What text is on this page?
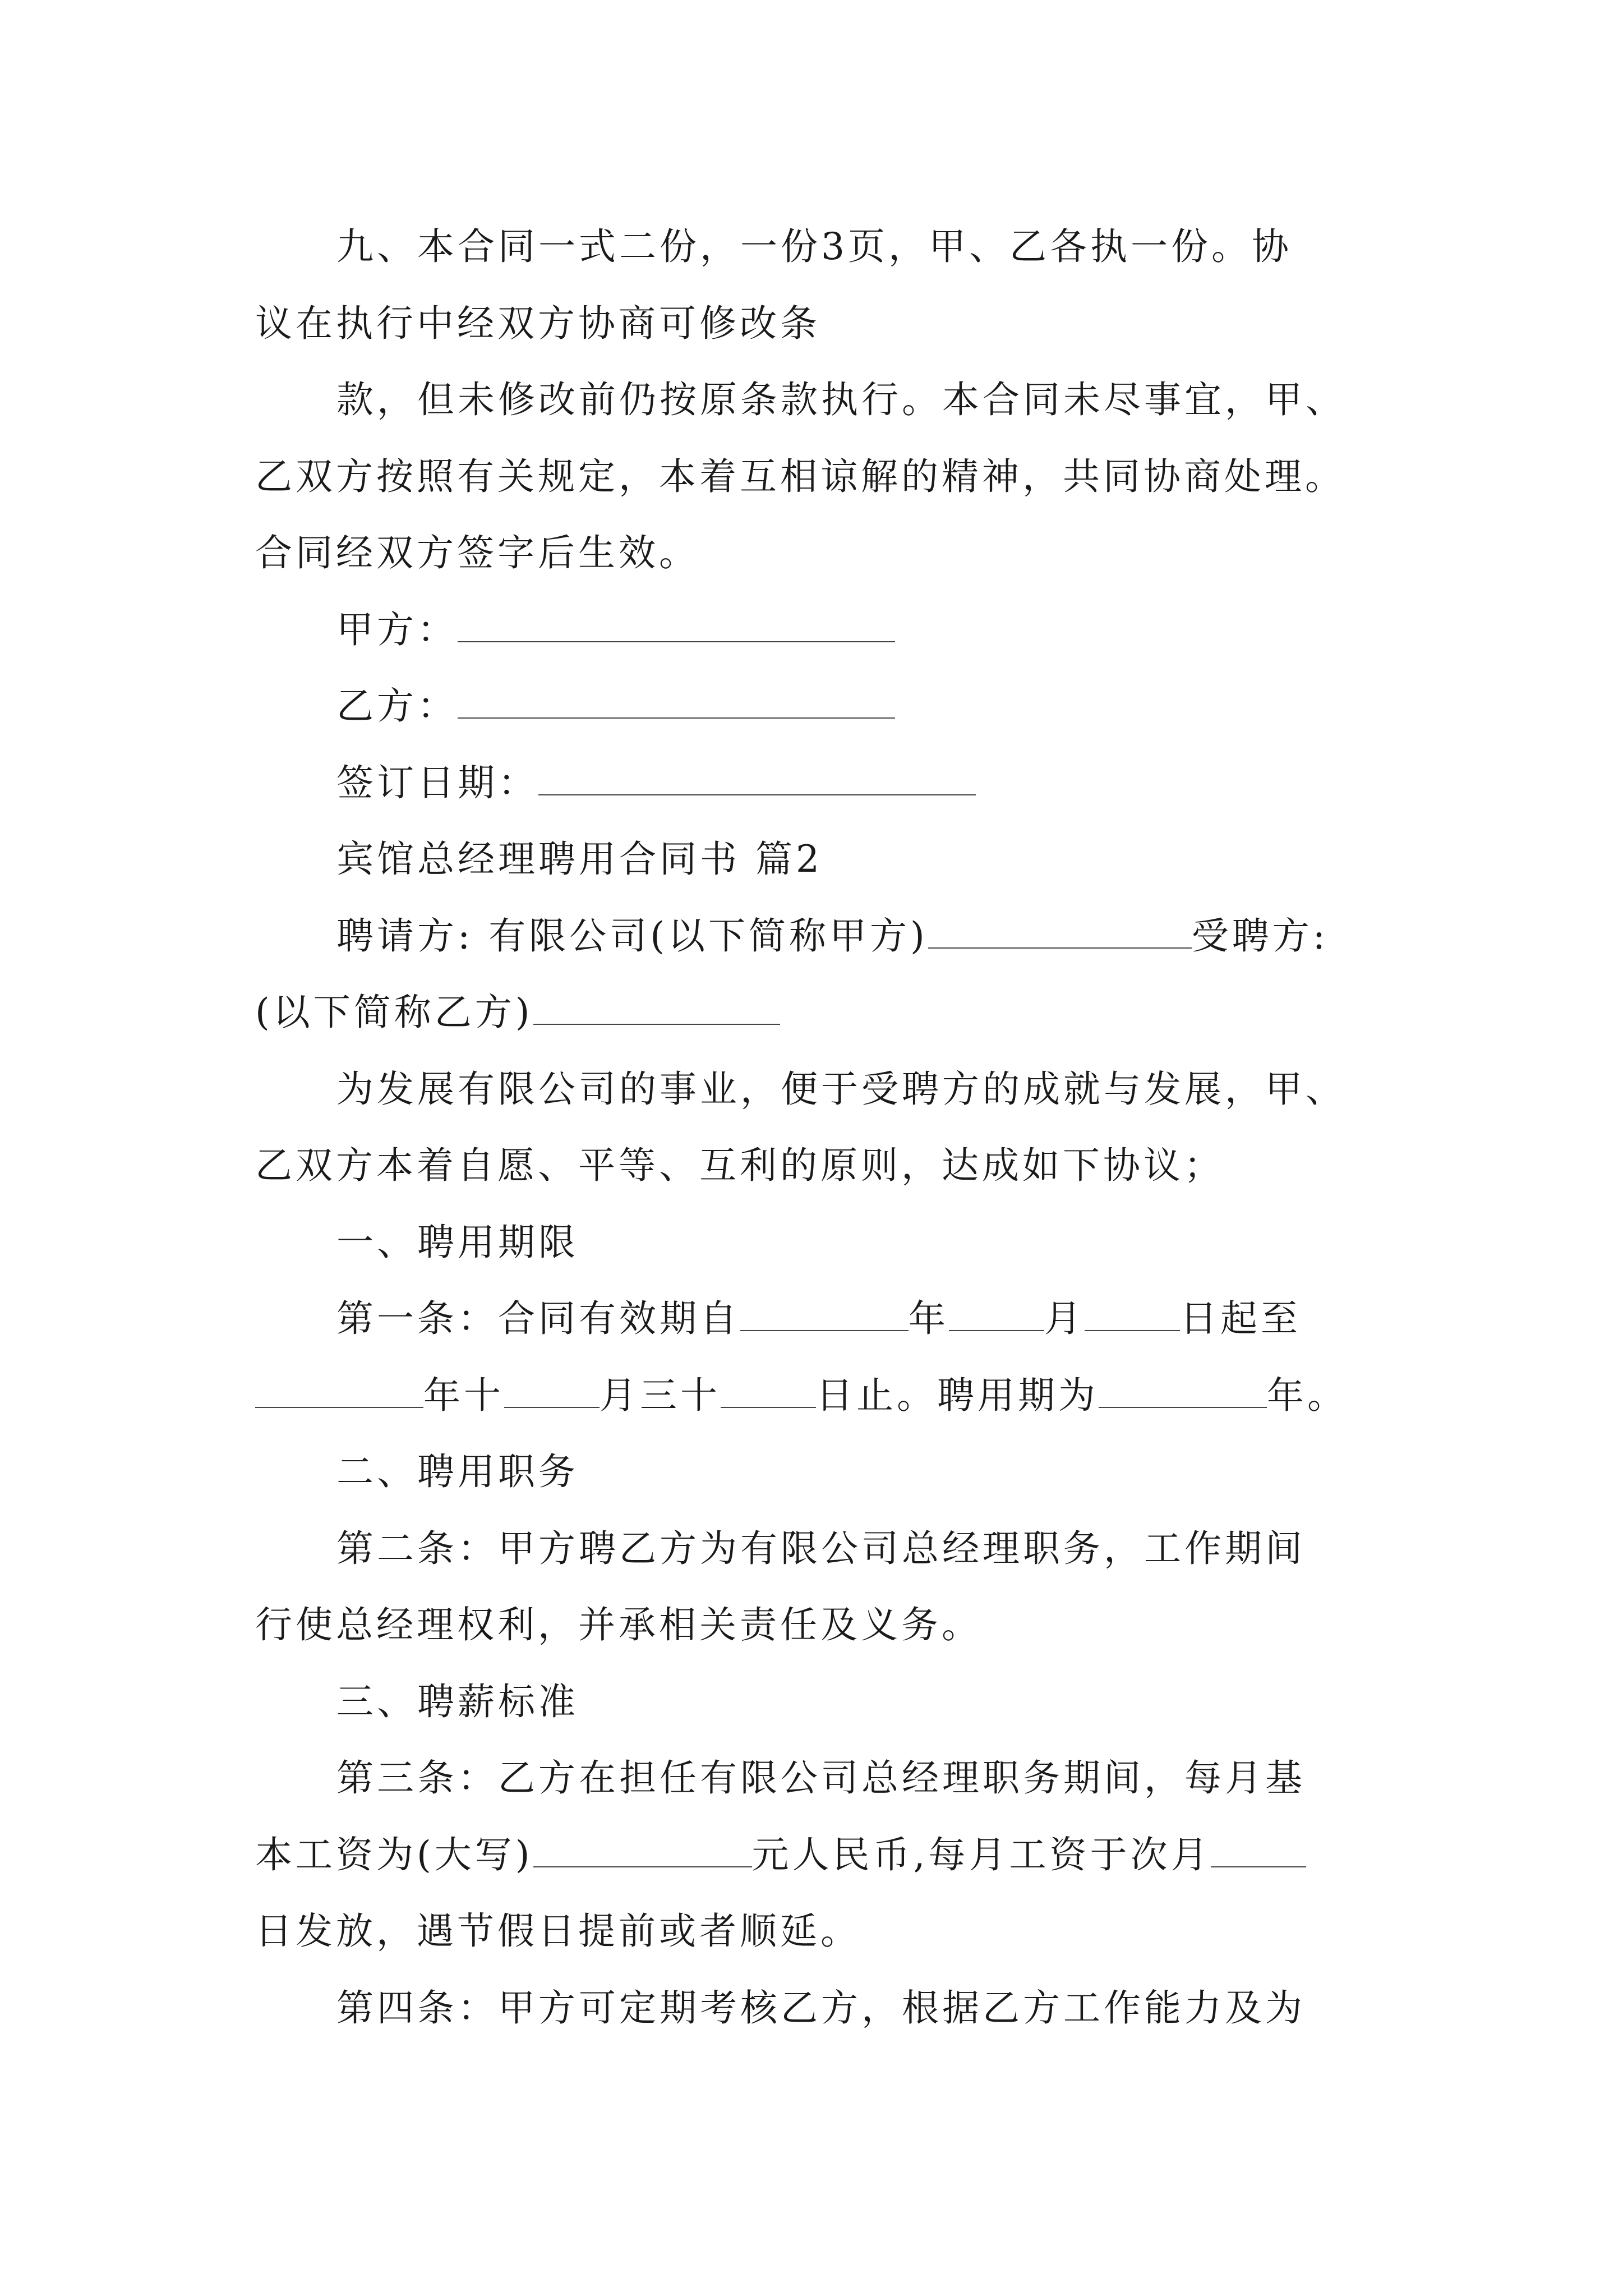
九、本合同一式二份，一份3页，甲、乙各执一份。协
议在执行中经双方协商可修改条
款，但未修改前仍按原条款执行。本合同未尽事宜，甲、
乙双方按照有关规定，本着互相谅解的精神，共同协商处理。
合同经双方签字后生效。
甲方：
乙方：
签订日期：
宾馆总经理聘用合同书 篇2
聘请方: 有限公司(以下简称甲方)	受聘方:
(以下简称乙方)
为发展有限公司的事业，便于受聘方的成就与发展，甲、
乙双方本着自愿、平等、互利的原则，达成如下协议；
一、聘用期限
第一条：合同有效期自	年	月	日起至
年十	月三十	日止。聘用期为	年。
二、聘用职务
第二条：甲方聘乙方为有限公司总经理职务，工作期间
行使总经理权利，并承相关责任及义务。
三、聘薪标准
第三条：乙方在担任有限公司总经理职务期间，每月基
本工资为(大写)	元人民币,每月工资于次月
日发放，遇节假日提前或者顺延。
第四条：甲方可定期考核乙方，根据乙方工作能力及为
